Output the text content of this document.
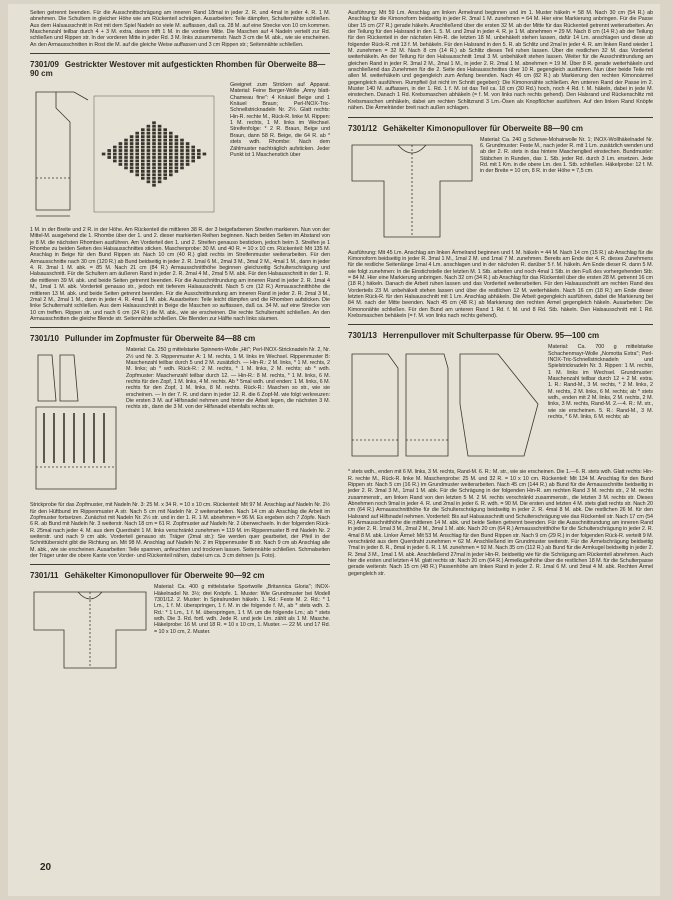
Seiten getrennt beenden. Für die Ausschnittschrägung am inneren Rand 18mal in jeder 2. R. und 4mal in jeder 4. R. 1 M. abnehmen. Die Schultern in gleicher Höhe wie am Rückenteil schrägen. Ausarbeiten: Teile dämpfen, Schulternähte schließen. Aus dem Halsausschnitt in Rot mit dem Spiel Nadeln so viele M. auffassen, daß ca. 28 M. auf eine Strecke von 10 cm kommen. Maschenzahl teilbar durch 4 + 3 M. extra, davon trifft 1 M. in die vordere Mitte. Die Maschen auf 4 Nadeln verteilt zur Rd. schließen und Rippen str. In der vorderen Mitte in jeder Rd. 3 M. links zusammenstr. Nach 3 cm die M. abk., wie sie erscheinen. An den Armausschnitten in Rost die M. auf die gleiche Weise auffassen und 3 cm Rippen str.; Seitennähte schließen.

7301/09 Gestrickter Westover mit aufgestickten Rhomben für Oberweite 88—90 cm

Geeignet zum Stricken auf Apparat. Material: Feine Berger-Wolle „Anny blatt-Chameau fine": 4 Knäuel Beige und 1 Knäuel Braun; Perl-INOX-Tric-Schnellstricknadeln Nr. 2½. Glatt rechts: Hin-R. rechte M., Rück-R. linke M. Rippen: 1 M. rechts, 1 M. links im Wechsel. Streifenfolge: * 2 R. Braun, Beige und Braun, dann 58 R. Beige, die 64 R. ab * stets wdh. Rhombe: Nach dem Zählmuster nachträglich aufsticken. Jeder Punkt ist 1 Maschenstich über

1 M. in der Breite und 2 R. in der Höhe. Am Rückenteil die mittleren 38 R. der 3 beigefarbenen Streifen markieren. Nun von der Mittel-M. ausgehend die 1. Rhombe über der 1. und 2. dieser markierten Reihen beginnen. Nach beiden Seiten im Abstand von je 8 M. die nächsten Rhomben ausführen. Am Vorderteil den 1. und 2. Streifen genauso besticken, jedoch beim 3. Streifen je 1 Rhombe zu beiden Seiten des Halsausschnittes sticken. Maschenprobe: 30 M. und 40 R. = 10 x 10 cm. Rückenteil: Mit 135 M. Anschlag in Beige für den Bund Rippen str. Nach 10 cm (40 R.) glatt rechts im Streifenmuster weiterarbeiten. Für den Armausschnitte nach 30 cm (120 R.) ab Bund beidseitig in jeder 2. R. 1mal 6 M., 2mal 3 M., 3mal 2 M., 4mal 1 M., dann in jeder 4. R. 3mal 1 M. abk. = 85 M. Nach 21 cm (84 R.) Armausschnitthöhe beginnen gleichzeitig Schulterschrägung und Halsausschnitt. Für die Schultern am äußeren Rand in jeder 2. R. 2mal 4 M., 2mal 5 M. abk. Für den Halsausschnitt in der 1. R. die mittleren 39 M. abk. und beide Seiten getrennt beenden. Für die Ausschnittrundung am inneren Rand in jeder 2. R. 1mal 4 M., 1mal 1 M. abk. Vorderteil genauso str., jedoch mit tieferem Halsausschnitt. Nach 5 cm (12 R.) Armausschnitthöhe die mittleren 13 M. abk. und beide Seiten getrennt beenden. Für die Ausschnittrundung am inneren Rand in jeder 2. R. 2mal 3 M., 2mal 2 M., 2mal 1 M., dann in jeder 4. R. 4mal 1 M. abk. Ausarbeiten: Teile leicht dämpfen und die Rhomben aufsticken. Die linke Schulternaht schließen. Aus dem Halsausschnitt in Beige die Maschen so auffassen, daß ca. 34 M. auf eine Strecke von 10 cm treffen. Rippen str. und nach 6 cm (24 R.) die M. abk., wie sie erscheinen. Die rechte Schulternaht schließen. An den Armausschnitten die gleiche Blende str. Seitennähte schließen. Die Blenden zur Hälfte nach links säumen.

7301/10 Pullunder im Zopfmuster für Oberweite 84—88 cm

Material: Ca. 250 g mittelstarke Spinnerin-Wolle „Hit"; Perl-INOX-Stricknadeln Nr. 2, Nr. 2½ und Nr. 3. Rippenmuster A: 1 M. rechts, 1 M. links im Wechsel. Rippenmuster B: Maschenzahl teilbar durch 5 und 2 M. zusätzlich. — Hin-R.: 2 M. links, * 1 M. rechts, 2 M. links; ab * wdh. Rück-R.: 2 M. rechts, * 1 M. links, 2 M. rechts; ab * wdh. Zopfmuster: Maschenzahl teilbar durch 12. — Hin-R.: 8 M. rechts, * 1 M. links, 6 M. rechts für den Zopf, 1 M. links, 4 M. rechts. Ab * 5mal wdh. und enden: 1 M. links, 6 M. rechts für den Zopf, 1 M. links, 8 M. rechts. Rück-R.: Maschen so str., wie sie erscheinen. — In der 7. R. und dann in jeder 12. R. die 6 Zopf-M. wie folgt verkreuzen: Die ersten 3 M. auf Hilfsnadel nehmen und hinter die Arbeit legen, die nächsten 3 M. rechts str., dann die 3 M. von der Hilfsnadel ebenfalls rechts str.

Strickprobe für das Zopfmuster, mit Nadeln Nr. 3: 25 M. x 34 R. = 10 x 10 cm. Rückenteil: Mit 97 M. Anschlag auf Nadeln Nr. 2½ für den Hüftbund im Rippenmuster A str. Nach 5 cm mit Nadeln Nr. 2 weiterarbeiten. Nach 14 cm ab Anschlag die Arbeit im Zopfmuster fortsetzen. Zunächst mit Nadeln Nr. 2½ str. und in der 1. R. 1 M. abnehmen = 96 M. Es ergeben sich 7 Zöpfe. Nach 6 R. ab Bund mit Nadeln Nr. 3 weiterstr. Nach 18 cm = 61 R. Zopfmuster auf Nadeln Nr. 2 überwechseln. In der folgenden Rück-R. 25mal nach jeder 4. M. aus dem Querdraht 1 M. links verschränkt zunehmen = 119 M. im Rippenmuster B mit Nadeln Nr. 2 weiterstr. und nach 9 cm abk. Vorderteil genauso str. Träger (2mal str.): Sie werden quer gearbeitet, der Pfeil in der Schnittübersicht gibt die Richtung an. Mit 98 M. Anschlag auf Nadeln Nr. 2 im Rippenmuster B str. Nach 9 cm ab Anschlag alle M. abk., wie sie erscheinen. Ausarbeiten: Teile spannen, anfeuchten und trocknen lassen. Seitennähte schließen. Schmalseiten der Träger unter die obere Kante von Vorder- und Rückenteil nähen, dabei um ca. 3 cm dehnen (s. Foto).

7301/11 Gehäkelter Kimonopullover für Oberweite 90—92 cm

Material: Ca. 400 g mittelstarke Sportwolle „Britannica Gloria"; INOX-Häkelnadel Nr. 3½; drei Knöpfe. 1. Muster: Wie Grundmuster bei Modell 7301/12. 2. Muster: In Spiralrunden häkeln. 1. Rd.: Feste M. 2. Rd.: * 1 Lm., 1 f. M. überspringen, 1 f. M. in die folgende f. M., ab * stets wdh. 3. Rd.: * 1 Lm., 1 f. M. überspringen, 1 f. M. um die folgende Lm.; ab * stets wdh. Die 3. Rd. fortl. wdh. Jede R. und jede Lm. zählt als 1 M. Masche. Häkelprobe: 16 M. und 18 R. = 10 x 10 cm, 1. Muster. — 22 M. und 17 Rd. = 10 x 10 cm, 2. Muster.

Ausführung: Mit 59 Lm. Anschlag am linken Ärmelrand beginnen und im 1. Muster häkeln = 58 M. Nach 30 cm (54 R.) ab Anschlag für die Kimonoform beidseitig in jeder R. 3mal 1 M. zunehmen = 64 M. Hier eine Markierung anbringen. Für die Passe über 15 cm (27 R.) gerade häkeln. Anschließend über die ersten 32 M. ab der Mitte für das Rückenteil getrennt weiterarbeiten. An der Teilung für den Halsrand in den 1. 5. M. und 2mal in jeder 4. R. je 1 M. abnehmen = 29 M. Nach 8 cm (14 R.) ab der Teilung für den Rückenteil in der nächsten Hin-R. die letzten 18 M. unbehäkelt stehen lassen, dafür 14 Lm. anschlagen und diese ab folgender Rück-R. mit 13 f. M. behäkeln. Für den Halsrand in den 5. R. ab Schlitz und 2mal in jeder 4. R. am linken Rand wieder 1 M. zunehmen = 32 M. Nach 8 cm (14 R.) ab Schlitz dieses Teil ruhen lassen. Über die restlichen 32 M. das Vorderteil weiterhäkeln. An der Teilung für den Halsausschnitt 1mal 3 M. unbehäkelt stehen lassen. Weiter für die Ausschnittrundung am gleichen Rand in jeder R. 3mal 2 M., 2mal 1 M., in jeder 2. R. 2mal 1 M. abnehmen = 19 M. Über 8 R. gerade weiterhäkeln und anschließend das Zunehmen für die 2. Seite des Halsausschnittes über 10 R. gegengleich ausführen. Nun über beide Teile mit allen M. weiterhäkeln und gegengleich zum Anfang beenden. Nach 46 cm (82 R.) ab Markierung den rechten Kimonoärmel gegengleich ausführen. Rumpfteil (ist nicht im Schnitt gegeben): Die Kimononähte schließen. Am unteren Rand der Passe im 2. Muster 140 M. auffassen, in der 1. Rd. 1 f. M. ist das Teil ca. 18 cm (30 Rd.) hoch, noch 4 Rd. f. M. häkeln, dabei in jede M. einstechen. Danach 1 Rd. Krebsmaschen abhäkeln (= f. M. von links nach rechts gehend). Den Halsrand und Rückenschlitz mit Krebsmaschen umhäkeln, dabei am rechten Schlitzrand 3 Lm.-Ösen als Knopflöcher ausführen. Auf den linken Rand Knöpfe nähen. Die Ärmelränder breit nach außen schlagen.

7301/12 Gehäkelter Kimonopullover für Oberweite 88—90 cm

Material: Ca. 240 g Schewe-Mohairwolle Nr. 1; INOX-Wollhäkelnadel Nr. 6. Grundmuster: Feste M., nach jeder R. mit 1 Lm. zusätzlich wenden und ab der 2. R. stets in das hintere Maschenglied einstechen. Bundmuster: Stäbchen in Runden, das 1. Stb. jeder Rd. durch 3 Lm. ersetzen. Jede Rd. mit 1 Km. in die obere Lm. des 1. Stb. schließen. Häkelprobe: 12 f. M. in der Breite = 10 cm, 8 R. in der Höhe = 7,5 cm.

Ausführung: Mit 45 Lm. Anschlag am linken Ärmelrand beginnen und f. M. häkeln = 44 M. Nach 14 cm (15 R.) ab Anschlag für die Kimonoform beidseitig in jeder R. 3mal 1 M., 1mal 2 M. und 1mal 7 M. zunehmen. Bereits am Ende der 4. R. dieses Zunehmens für die restliche Seitenlänge 1mal 4 Lm. anschlagen und in der nächsten R. darüber 5 f. M. häkeln. Am Ende dieser R. dann 5 M. wie folgt zunehmen: In die Einstichstelle der letzten M. 1 Stb. arbeiten und noch 4mal 1 Stb. in den Fuß des vorhergehenden Stb. = 84 M. Hier eine Markierung anbringen. Nach 32 cm (34 R.) ab Anschlag für das Rückenteil über die ersten 28 M. getrennt 16 cm (18 R.) häkeln. Danach die Arbeit ruhen lassen und das Vorderteil weiterarbeiten. Für den Halsausschnitt am rechten Rand des Vorderteils 23 M. unbehäkelt stehen lassen und über die restlichen 12 M. weiterhäkeln. Nach 16 cm (18 R.) am Ende dieser letzten Rück-R. für den Halsausschnitt mit 1 Lm. Anschlag abhäkeln. Die Arbeit gegengleich ausführen, dabei die Markierung bei 84 M. nach der Mitte beenden. Nach 45 cm (48 R.) ab Markierung den rechten Ärmel gegengleich häkeln. Ausarbeiten: Die Kimononähte schließen. Für den Bund am unteren Rand 1 Rd. f. M. und 8 Rd. Stb. häkeln. Den Halsausschnitt mit 1 Rd. Krebsmaschen behäkeln (= f. M. von links nach rechts gehend).

7301/13 Herrenpullover mit Schulterpasse für Oberw. 95—100 cm

Material: Ca. 700 g mittelstarke Schachenmayr-Wolle „Nomotta Extra"; Perl-INOX-Tric-Schnellstricknadeln und Spielstricknadeln Nr. 3. Rippen: 1 M. rechts, 1 M. links im Wechsel. Grundmuster: Maschenzahl teilbar durch 12 + 2 M. extra. 1. R.: Rand-M., 3 M. rechts, * 2 M. links, 2 M. rechts, 2 M. links, 6 M. rechts; ab * stets wdh., enden mit 2 M. links, 2 M. rechts, 2 M. links, 3 M. rechts, Rand-M. 2.—4. R.: M. str., wie sie erscheinen. 5. R.: Rand-M., 3 M. rechts, * 6 M. links, 6 M. rechts; ab

* stets wdh., enden mit 6 M. links, 3 M. rechts, Rand-M. 6. R.: M. str., wie sie erscheinen. Die 1.—6. R. stets wdh. Glatt rechts: Hin-R. rechte M., Rück-R. linke M. Maschenprobe: 25 M. und 32 R. = 10 x 10 cm. Rückenteil: Mit 134 M. Anschlag für den Bund Rippen str. Nach 5 cm (16 R.) im Grundmuster weiterarbeiten. Nach 45 cm (144 R.) ab Bund für die Armausschnitte beidseitig in jeder 2. R. 3mal 3 M., 1mal 1 M. abk. Für die Schrägung in der folgenden Hin-R. am rechten Rand 3 M. rechts str., 2 M. rechts zusammenstr., am linken Rand von den letzten 5 M. 2 M. rechts verschränkt zusammenstr., die letzten 3 M. rechts str. Dieses Abnehmen noch 9mal in jeder 4. R. und 2mal in jeder 6. R. wdh. = 90 M. Die ersten und letzten 4 M. stets glatt rechts str. Nach 20 cm (64 R.) Armausschnitthöhe für die Schulterschrägung beidseitig in jeder 2. R. 4mal 8 M. abk. Die restlichen 26 M. für den Halsrand auf Hilfsnadel nehmen. Vorderteil: Bis auf Halsausschnitt und Schulterschrägung wie das Rückenteil str. Nach 17 cm (54 R.) Armausschnitthöhe die mittleren 14 M. abk. und beide Seiten getrennt beenden. Für die Ausschnittrundung am inneren Rand in jeder 2. R. 1mal 3 M., 2mal 2 M., 3mal 1 M. abk. Nach 20 cm (64 R.) Armausschnitthöhe für die Schulterschrägung in jeder 2. R. 4mal 8 M. abk. Linker Ärmel: Mit 53 M. Anschlag für den Bund Rippen str. Nach 9 cm (29 R.) in der folgenden Rück-R. verteilt 9 M. verschränkt aus dem Querdraht zunehmen = 62 M. Anschließend im Grundmuster weiterstr. Für die Ärmelschrägung beidseitig 7mal in jeder 8. R., 8mal in jeder 6. R. 1 M. zunehmen = 92 M. Nach 35 cm (112 R.) ab Bund für die Armkugel beidseitig in jeder 2. R. 3mal 3 M., 1mal 1 M. abk. Anschließend 27mal in jeder Hin-R. beidseitig wie für die Schrägung am Rückenteil abnehmen. Auch hier die ersten und letzten 4 M. glatt rechts str. Nach 20 cm (64 R.) Armelkugelhöhe über die restlichen 18 M. für die Schulterpasse gerade weiterstr. Nach 15 cm (48 R.) Passenhöhe am linken Rand in jeder 2. R. 1mal 6 M. und 3mal 4 M. abk. Rechten Ärmel gegengleich str.

20
